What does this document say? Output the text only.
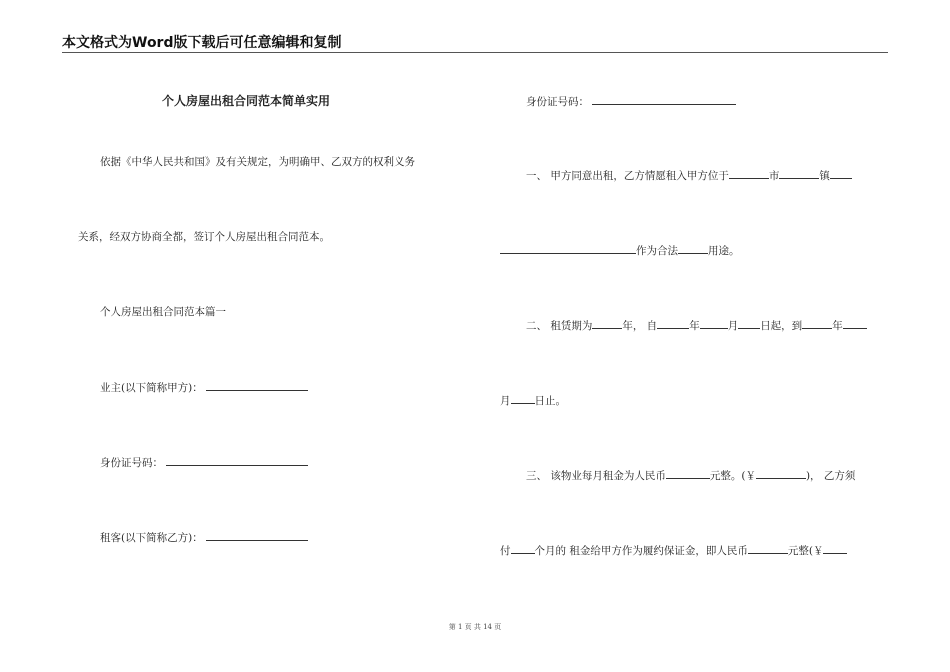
本文格式为Word版下载后可任意编辑和复制
个人房屋出租合同范本简单实用
依据《中华人民共和国》及有关规定，为明确甲、乙双方的权利义务
关系，经双方协商全都，签订个人房屋出租合同范本。
个人房屋出租合同范本篇一
业主(以下简称甲方)：
身份证号码：
租客(以下简称乙方)：
身份证号码：
一、 甲方同意出租，乙方情愿租入甲方位于	市	镇
作为合法	用途。
二、 租赁期为	年， 自	年	月 日起，到	年
月 日止。
三、 该物业每月租金为人民币	元整。(￥	)， 乙方须
付 个月的 租金给甲方作为履约保证金，即人民币	元整(￥
第 1 页 共 14 页
